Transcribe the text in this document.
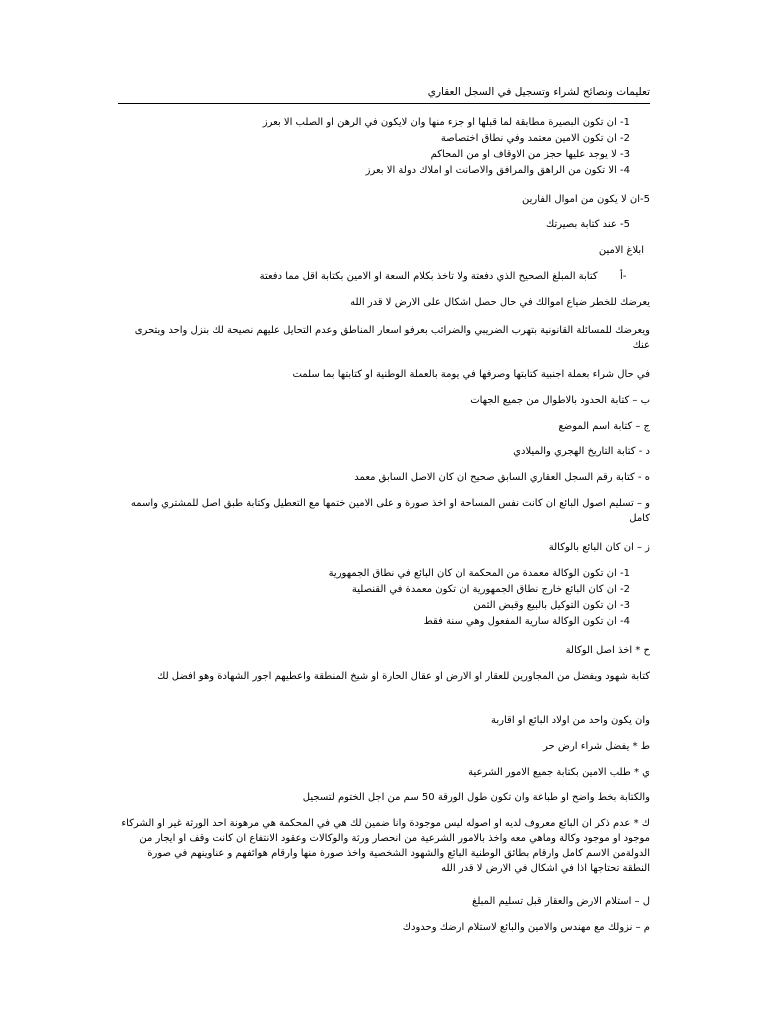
تعليمات ونصائح لشراء وتسجيل في السجل العقاري
-1 ان تكون البصيرة مطابقة لما قبلها او جزء منها وان لايكون في الرهن او الصلب الا بعرز
-2 ان تكون الامين معتمد وفي نطاق اختصاصة
-3 لا يوجد عليها حجز من الاوقاف او من المحاكم
-4 الا تكون من الراهق والمرافق والاصانت او املاك دولة الا بعرز
5-ان لا يكون من اموال الفارين
-5 عند كتابة بصيرتك
ابلاغ الامين
أ-  كتابة المبلغ الصحيح الذي دفعتة ولا تاخذ بكلام السعة او الامين بكتابة اقل مما دفعتة
يعرضك للخطر ضياع اموالك في حال حصل اشكال على الارض لا قدر الله
ويعرضك للمسائلة القانونية بتهرب الضريبي والضرائب بعرفو اسعار المناطق وعدم التحايل عليهم نصيحة لك بنزل واحد ويتحرى عنك
في حال شراء بعملة اجنبية كتابتها وصرفها في يومة بالعملة الوطنية او كتابتها بما سلمت
ب – كتابة الحدود بالاطوال من جميع الجهات
ج – كتابة اسم الموضع
د - كتابة التاريخ الهجري والميلادي
ه - كتابة رقم السجل العقاري السابق صحيح ان كان الاصل السابق معمد
و – تسليم اصول البائع ان كانت نفس المساحة او اخذ صورة و على الامين ختمها مع التعطيل وكتابة طبق اصل للمشتري واسمه كامل
ز – ان كان البائع بالوكالة
-1 ان تكون الوكالة معمدة من المحكمة ان كان البائع في نطاق الجمهورية
-2 ان كان البائع خارج نطاق الجمهورية ان تكون معمدة في القنصلية
-3 ان تكون التوكيل بالبيع وقبض الثمن
-4 ان تكون الوكالة سارية المفعول وهي سنة فقط
ح * اخذ اصل الوكالة
كتابة شهود ويفضل من المجاورين للعقار او الارض او عقال الحارة او شيخ المنطقة واعطيهم اجور الشهادة وهو افضل لك
وان يكون واحد من اولاد البائع او اقاربة
ط * يفضل شراء ارض حر
ي * طلب الامين بكتابة جميع الامور الشرعية
والكتابة بخط واضح او طباعة وان تكون طول الورقة 50 سم من اجل الختوم لتسجيل
ك * عدم ذكر ان البائع معروف لديه او اصوله ليس موجودة وانا ضمين لك هي في المحكمة هي مرهونة احد الورثة غير او الشركاء موجود او موجود وكالة وماهي معه واخذ بالامور الشرعية من انحصار ورثة والوكالات وعقود الانتفاع ان كانت وقف او ايجار من الدولةمن الاسم كامل وارقام بطائق الوطنية البائع والشهود الشخصية واخذ صورة منها وارقام هوائفهم و عناوينهم في صورة النطقة تحتاجها اذا في اشكال في الارض لا قدر الله
ل – استلام الارض والعقار قبل تسليم المبلغ
م – نزولك مع مهندس والامين والبائع لاستلام ارضك وحدودك
